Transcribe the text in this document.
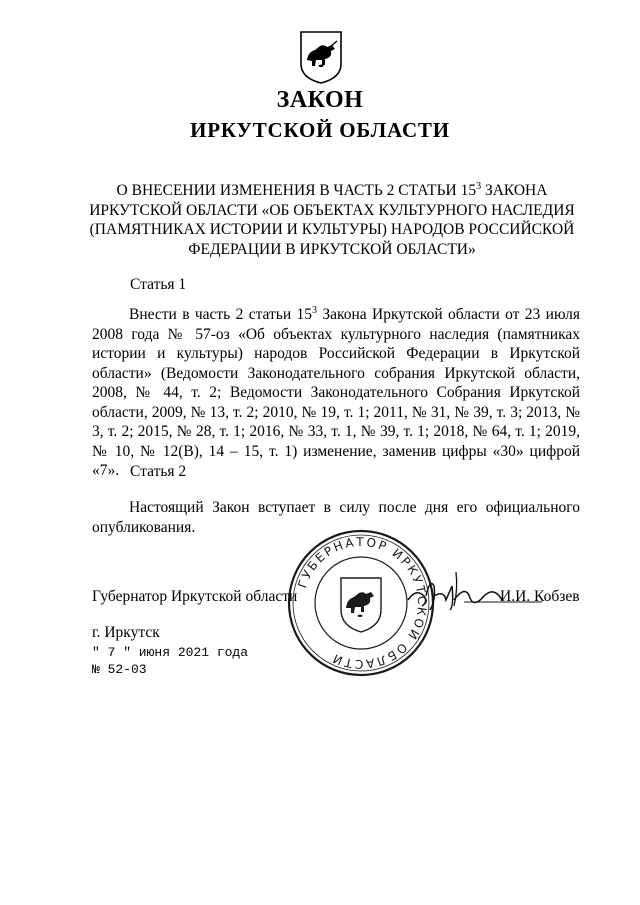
ЗАКОН
ИРКУТСКОЙ ОБЛАСТИ
О ВНЕСЕНИИ ИЗМЕНЕНИЯ В ЧАСТЬ 2 СТАТЬИ $15^3$ ЗАКОНА ИРКУТСКОЙ ОБЛАСТИ «ОБ ОБЪЕКТАХ КУЛЬТУРНОГО НАСЛЕДИЯ (ПАМЯТНИКАХ ИСТОРИИ И КУЛЬТУРЫ) НАРОДОВ РОССИЙСКОЙ ФЕДЕРАЦИИ В ИРКУТСКОЙ ОБЛАСТИ»
Статья 1

Внести в часть 2 статьи $15^3$ Закона Иркутской области от 23 июля 2008 года № 57-оз «Об объектах культурного наследия (памятниках истории и культуры) народов Российской Федерации в Иркутской области» (Ведомости Законодательного собрания Иркутской области, 2008, № 44, т. 2; Ведомости Законодательного Собрания Иркутской области, 2009, № 13, т. 2; 2010, № 19, т. 1; 2011, № 31, № 39, т. 3; 2013, № 3, т. 2; 2015, № 28, т. 1; 2016, № 33, т. 1, № 39, т. 1; 2018, № 64, т. 1; 2019, № 10, № 12(В), 14 – 15, т. 1) изменение, заменив цифры «30» цифрой «7». Статья 2

Настоящий Закон вступает в силу после дня его официального опубликования.

ГУБЕРНАТОР ИРКУТСКОЙ ОБЛАСТИ
Губернатор Иркутской области	И.И. Кобзев
г. Иркутск
" 7 " июня 2021 года
№ 52-03
